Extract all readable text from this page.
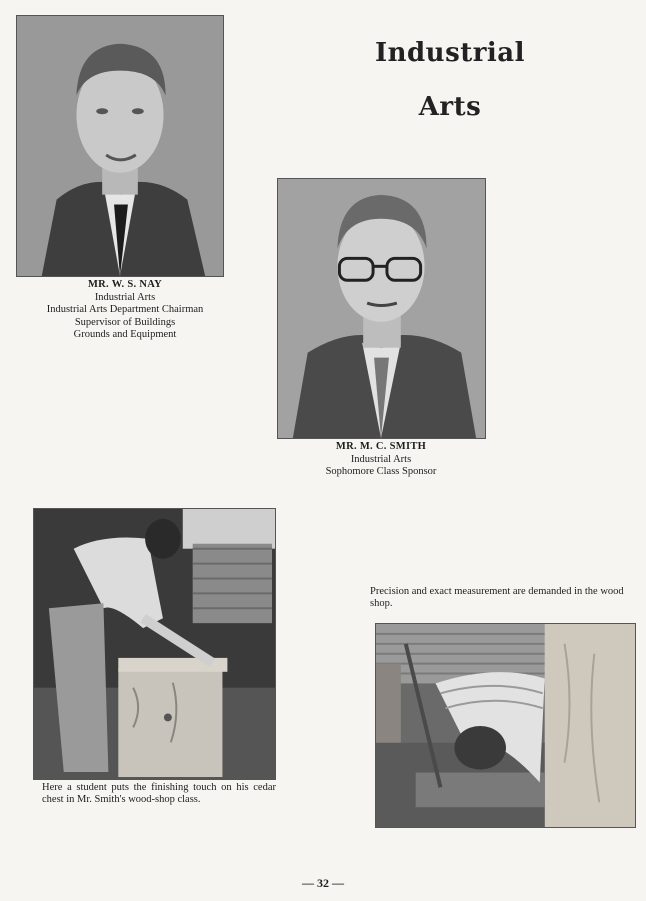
Industrial
Arts
MR. W. S. NAY
Industrial Arts
Industrial Arts Department Chairman
Supervisor of Buildings
Grounds and Equipment
MR. M. C. SMITH
Industrial Arts
Sophomore Class Sponsor
Here a student puts the finishing touch on his cedar chest in Mr. Smith's wood-shop class.
Precision and exact measurement are demanded in the wood shop.
— 32 —
